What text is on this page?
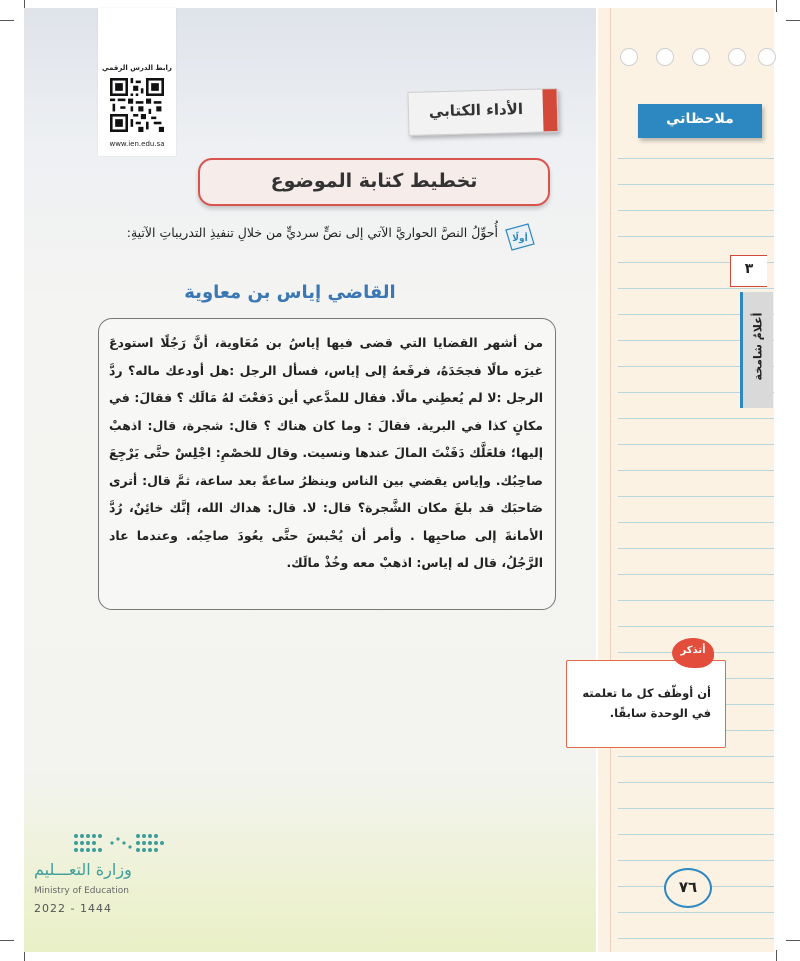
رابط الدرس الرقمي
www.ien.edu.sa
الأداء الكتابي
تخطيط كتابة الموضوع
أولًا
أُحوِّلُ النصَّ الحواريَّ الآتي إلى نصٍّ سرديٍّ من خلالِ تنفيذِ التدريباتِ الآتيةِ:
القاضي إياس بن معاوية
من أشهر القضايا التي قضى فيها إياسُ بن مُعَاوية، أنَّ رَجُلًا استودعَ غيرَه مالًا فجحَدَهُ، فرفَعهُ إلى إياس، فسأل الرجل :هل أودعك ماله؟ ردَّ الرجل :لا لم يُعطِني مالًا. فقال للمدَّعي أين دَفعْتَ لهُ مَالَك ؟ فقالَ: في مكانٍ كذا في البرية. فقالَ : وما كان هناك ؟ قال: شجرة، قال: اذهبْ إليها؛ فلعَلَّك دَفَنْتَ المالَ عندها ونسيت. وقال للخصْمِ: اجْلِسْ حتَّى يَرْجِعَ صاحِبُك. وإياس يقضي بين الناس وينظرُ ساعةً بعد ساعة، ثمَّ قال: أترى صَاحبَك قد بلغَ مكان الشَّجرة؟ قال: لا. قال: هداك الله، إنَّك خائِنٌ، رُدَّ الأمانةَ إلى صاحبِها . وأمر أن يُحْبسَ حتَّى يعُودَ صاحِبُه. وعندما عاد الرَّجُلُ، قال له إياس: اذهبْ معه وخُذْ مالَك.
وزارة التعـــليم
Ministry of Education
2022 - 1444
ملاحظاتي
٣
أعلامٌ شامخة
أن أوظّف كل ما تعلمته في الوحدة سابقًا.
أتذكر
٧٦
